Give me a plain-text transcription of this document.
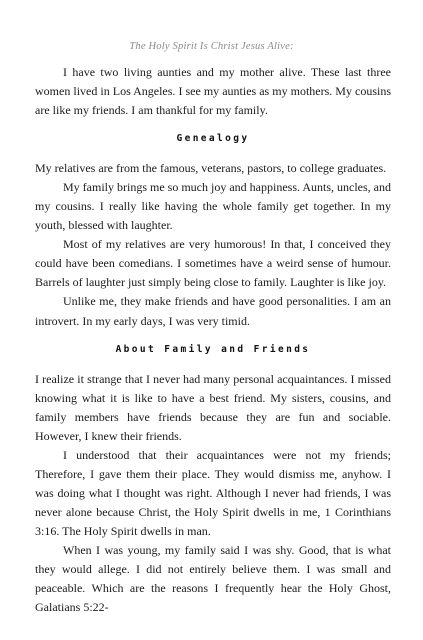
The Holy Spirit Is Christ Jesus Alive:

I have two living aunties and my mother alive. These last three women lived in Los Angeles. I see my aunties as my mothers. My cousins are like my friends. I am thankful for my family.

Genealogy

My relatives are from the famous, veterans, pastors, to college graduates.

My family brings me so much joy and happiness. Aunts, uncles, and my cousins. I really like having the whole family get together. In my youth, blessed with laughter.

Most of my relatives are very humorous! In that, I conceived they could have been comedians. I sometimes have a weird sense of humour. Barrels of laughter just simply being close to family. Laughter is like joy.

Unlike me, they make friends and have good personalities. I am an introvert. In my early days, I was very timid.

About Family and Friends

I realize it strange that I never had many personal acquaintances. I missed knowing what it is like to have a best friend. My sisters, cousins, and family members have friends because they are fun and sociable. However, I knew their friends.

I understood that their acquaintances were not my friends; Therefore, I gave them their place. They would dismiss me, anyhow. I was doing what I thought was right. Although I never had friends, I was never alone because Christ, the Holy Spirit dwells in me, 1 Corinthians 3:16. The Holy Spirit dwells in man.

When I was young, my family said I was shy. Good, that is what they would allege. I did not entirely believe them. I was small and peaceable. Which are the reasons I frequently hear the Holy Ghost, Galatians 5:22-
